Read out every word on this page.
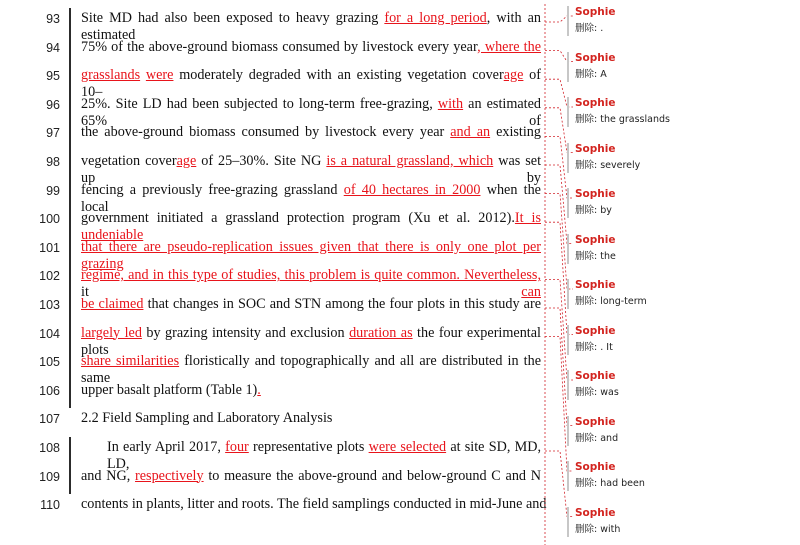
93
94
95
96
97
98
99
100
101
102
103
104
105
106
107
108
109
110
Site MD had also been exposed to heavy grazing for a long period, with an estimated
75% of the above-ground biomass consumed by livestock every year, where the
grasslands were moderately degraded with an existing vegetation coverage of 10–
25%. Site LD had been subjected to long-term free-grazing, with an estimated 65% of
the above-ground biomass consumed by livestock every year and an existing
vegetation coverage of 25–30%. Site NG is a natural grassland, which was set up by
fencing a previously free-grazing grassland of 40 hectares in 2000 when the local
government initiated a grassland protection program (Xu et al. 2012).It is undeniable
that there are pseudo-replication issues given that there is only one plot per grazing
regime, and in this type of studies, this problem is quite common. Nevertheless, it can
be claimed that changes in SOC and STN among the four plots in this study are
largely led by grazing intensity and exclusion duration as the four experimental plots
share similarities floristically and topographically and all are distributed in the same
upper basalt platform (Table 1).
2.2 Field Sampling and Laboratory Analysis
In early April 2017, four representative plots were selected at site SD, MD, LD,
and NG, respectively to measure the above-ground and below-ground C and N
contents in plants, litter and roots. The field samplings conducted in mid-June and
Sophie
删除: .
Sophie
删除: A
Sophie
删除: the grasslands
Sophie
删除: severely
Sophie
删除: by
Sophie
删除: the
Sophie
删除: long-term
Sophie
删除: . It
Sophie
删除: was
Sophie
删除: and
Sophie
删除: had been
Sophie
删除: with
